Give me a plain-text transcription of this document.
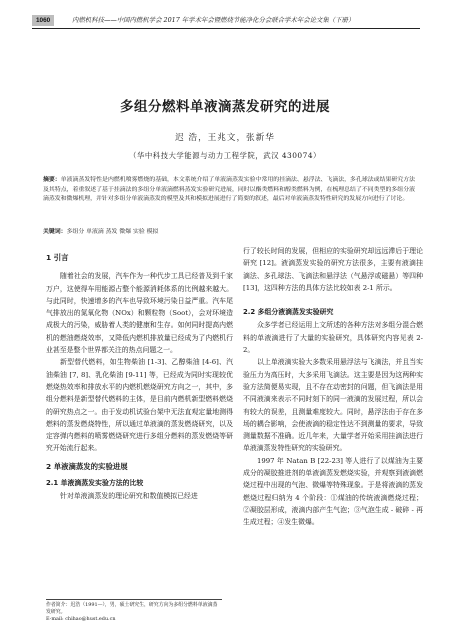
1060	内燃机科技——中国内燃机学会 2017 年学术年会暨燃烧节能净化分会联合学术年会论文集（下册）
多组分燃料单液滴蒸发研究的进展
迟 浩，王兆文，张新华
（华中科技大学能源与动力工程学院，武汉 430074）
摘要：单液滴蒸发特性是内燃机喷雾燃烧的基础，本文系统介绍了单液滴蒸发实验中常用的挂滴法、悬浮法、飞滴法，多孔球法或结果研究方法及其特点，着重叙述了基于挂滴法的多组分单液滴燃料蒸发实验研究进展，同时以酯类燃料和醇类燃料为例，在梳理总结了不同类型的多组分液滴蒸发和微爆机理，并针对多组分单液滴蒸发的模型及其和模拟进展进行了简要的叙述，最后对单液滴蒸发特性研究的发展方向进行了讨论。
关键词：多组分 单液滴 蒸发 微爆 实验 模拟
1 引言

随着社会的发展，汽车作为一种代步工具已经普及到千家万户，这使得车用能源占整个能源消耗体系的比例越来越大。与此同时，快速增多的汽车也导致环境污染日益严重。汽车尾气排放出的氮氧化物（NOx）和颗粒物（Soot），会对环境造成极大的污染，威胁着人类的健康和生存。如何同时提高内燃机的燃油燃烧效率，又降低内燃机排放量已经成为了内燃机行业甚至是整个世界都关注的热点问题之一。

新型替代燃料，如生物柴油 [1-3]、乙醇柴油 [4-6]、汽油柴油 [7, 8]、乳化柴油 [9-11] 等，已经成为同时实现较优燃烧热效率和排放水平的内燃机燃烧研究方向之一，其中，多组分燃料是新型替代燃料的主体，是目前内燃机新型燃料燃烧的研究热点之一。由于发动机试验台架中无法直观定量地测得燃料的蒸发燃烧特性，所以通过单液滴的蒸发燃烧研究，以及定容弹内燃料的喷雾燃烧研究进行多组分燃料的蒸发燃烧等研究开始流行起来。

2 单液滴蒸发的实验进展
2.1 单液滴蒸发实验方法的比较

针对单液滴蒸发的理论研究和数值模拟已经进

行了较长时间的发展，但相应的实验研究却远远滞后于理论研究 [12]。液滴蒸发实验的研究方法很多，主要有液滴挂滴法、多孔球法、飞滴法和悬浮法（气悬浮或磁悬）等四种 [13]，这四种方法的具体方法比较如表 2-1 所示。

2.2 多组分液滴蒸发实验研究

众多学者已经运用上文所述的各种方法对多组分混合燃料的单液滴进行了大量的实验研究，具体研究内容见表 2-2。

以上单液滴实验大多数采用悬浮法与飞滴法，并且当实验压力为高压时，大多采用飞滴法。这主要是因为这两种实验方法简便易实现，且不存在动密封的问题，但飞滴法是用不同液滴来表示不同时刻下的同一液滴的发展过程，所以会有较大的误差，且测量难度较大。同时，悬浮法由于存在多场的耦合影响，会使液滴的稳定性达不到测量的要求，导致测量数据不准确。近几年来，大量学者开始采用挂滴法进行单液滴蒸发特性研究的实验研究。

1997 年 Natan B [22-23] 等人进行了以煤油为主要成分的凝胶推进剂的单液滴蒸发燃烧实验，并观察到液滴燃烧过程中出现的气泡、微爆等特殊现象。于是将液滴的蒸发燃烧过程归纳为 4 个阶段：①煤油的传统液滴燃烧过程；②凝胶层形成，液滴内部产生气泡；③气泡生成 - 破碎 - 再生成过程；④发生微爆。

作者简介：迟浩（1991—），男，硕士研究生，研究方向为多组分燃料单液滴蒸发研究。
E-mail: chihao@hust.edu.cn
